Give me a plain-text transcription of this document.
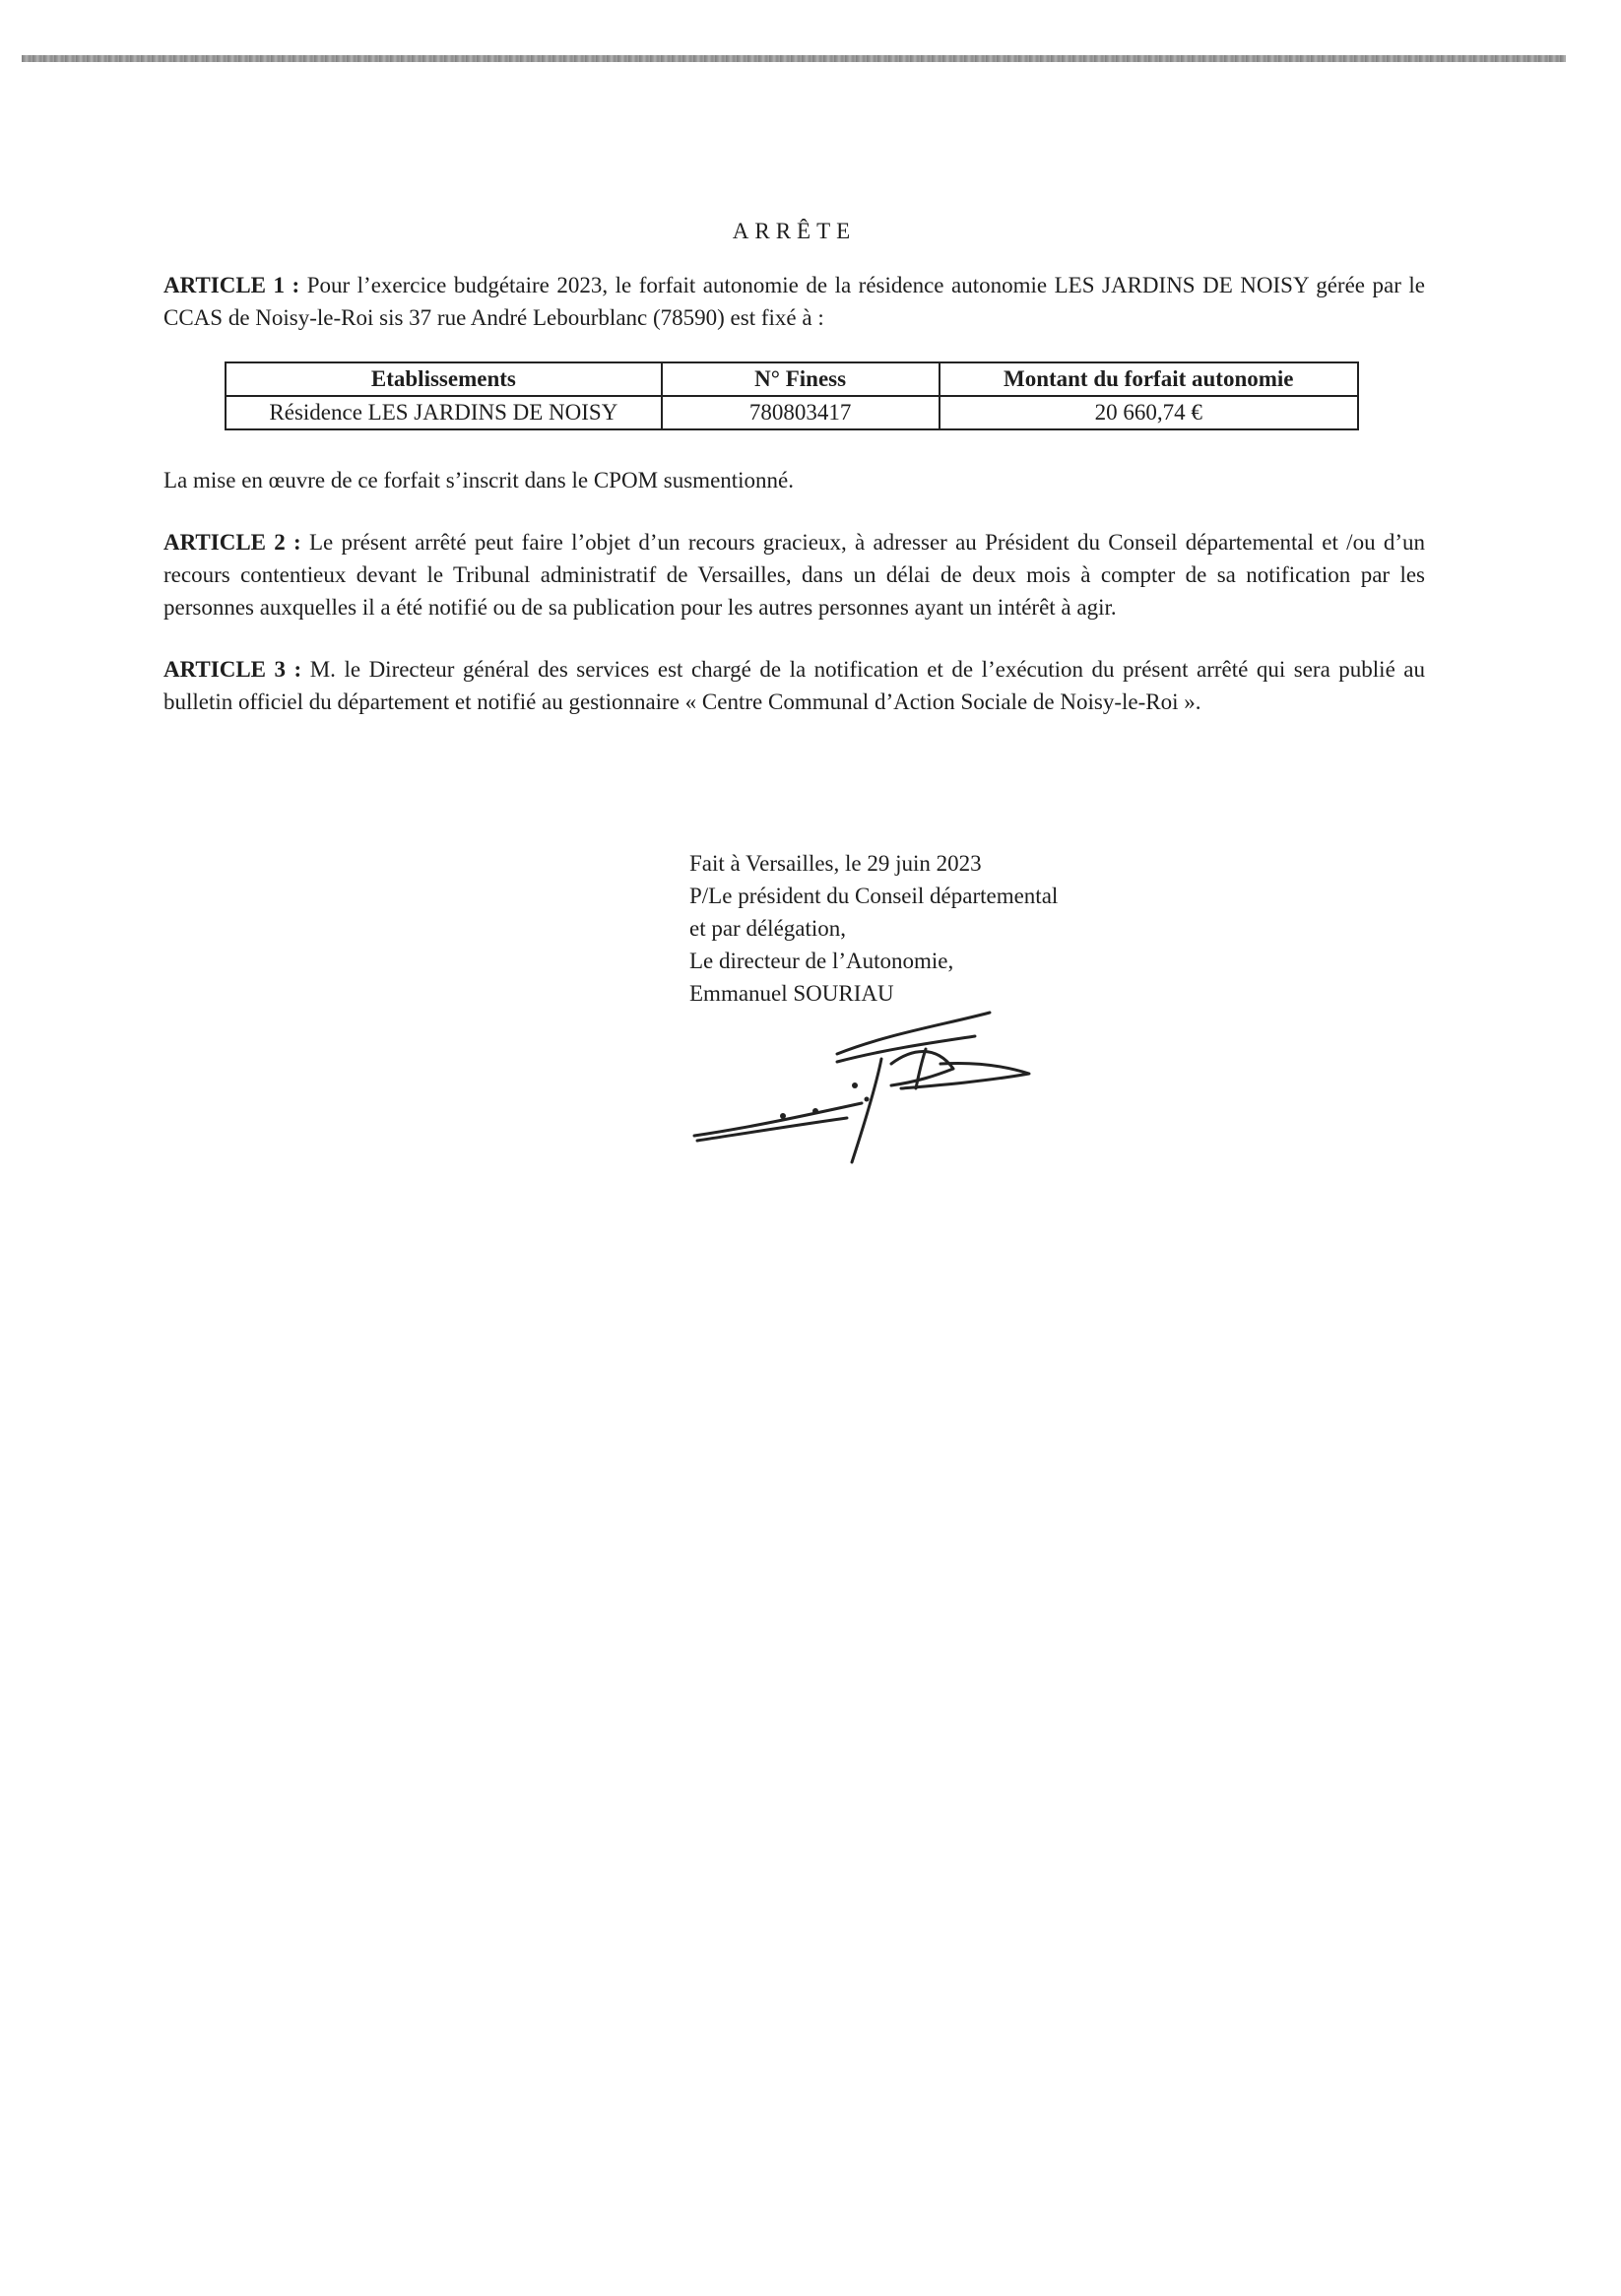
ARRÊTE

ARTICLE 1 : Pour l’exercice budgétaire 2023, le forfait autonomie de la résidence autonomie LES JARDINS DE NOISY gérée par le CCAS de Noisy-le-Roi sis 37 rue André Lebourblanc (78590) est fixé à :

Etablissements	N° Finess	Montant du forfait autonomie
Résidence LES JARDINS DE NOISY	780803417	20 660,74 €

La mise en œuvre de ce forfait s’inscrit dans le CPOM susmentionné.

ARTICLE 2 : Le présent arrêté peut faire l’objet d’un recours gracieux, à adresser au Président du Conseil départemental et /ou d’un recours contentieux devant le Tribunal administratif de Versailles, dans un délai de deux mois à compter de sa notification par les personnes auxquelles il a été notifié ou de sa publication pour les autres personnes ayant un intérêt à agir.

ARTICLE 3 : M. le Directeur général des services est chargé de la notification et de l’exécution du présent arrêté qui sera publié au bulletin officiel du département et notifié au gestionnaire « Centre Communal d’Action Sociale de Noisy-le-Roi ».

Fait à Versailles, le 29 juin 2023
P/Le président du Conseil départemental
et par délégation,
Le directeur de l’Autonomie,
Emmanuel SOURIAU
